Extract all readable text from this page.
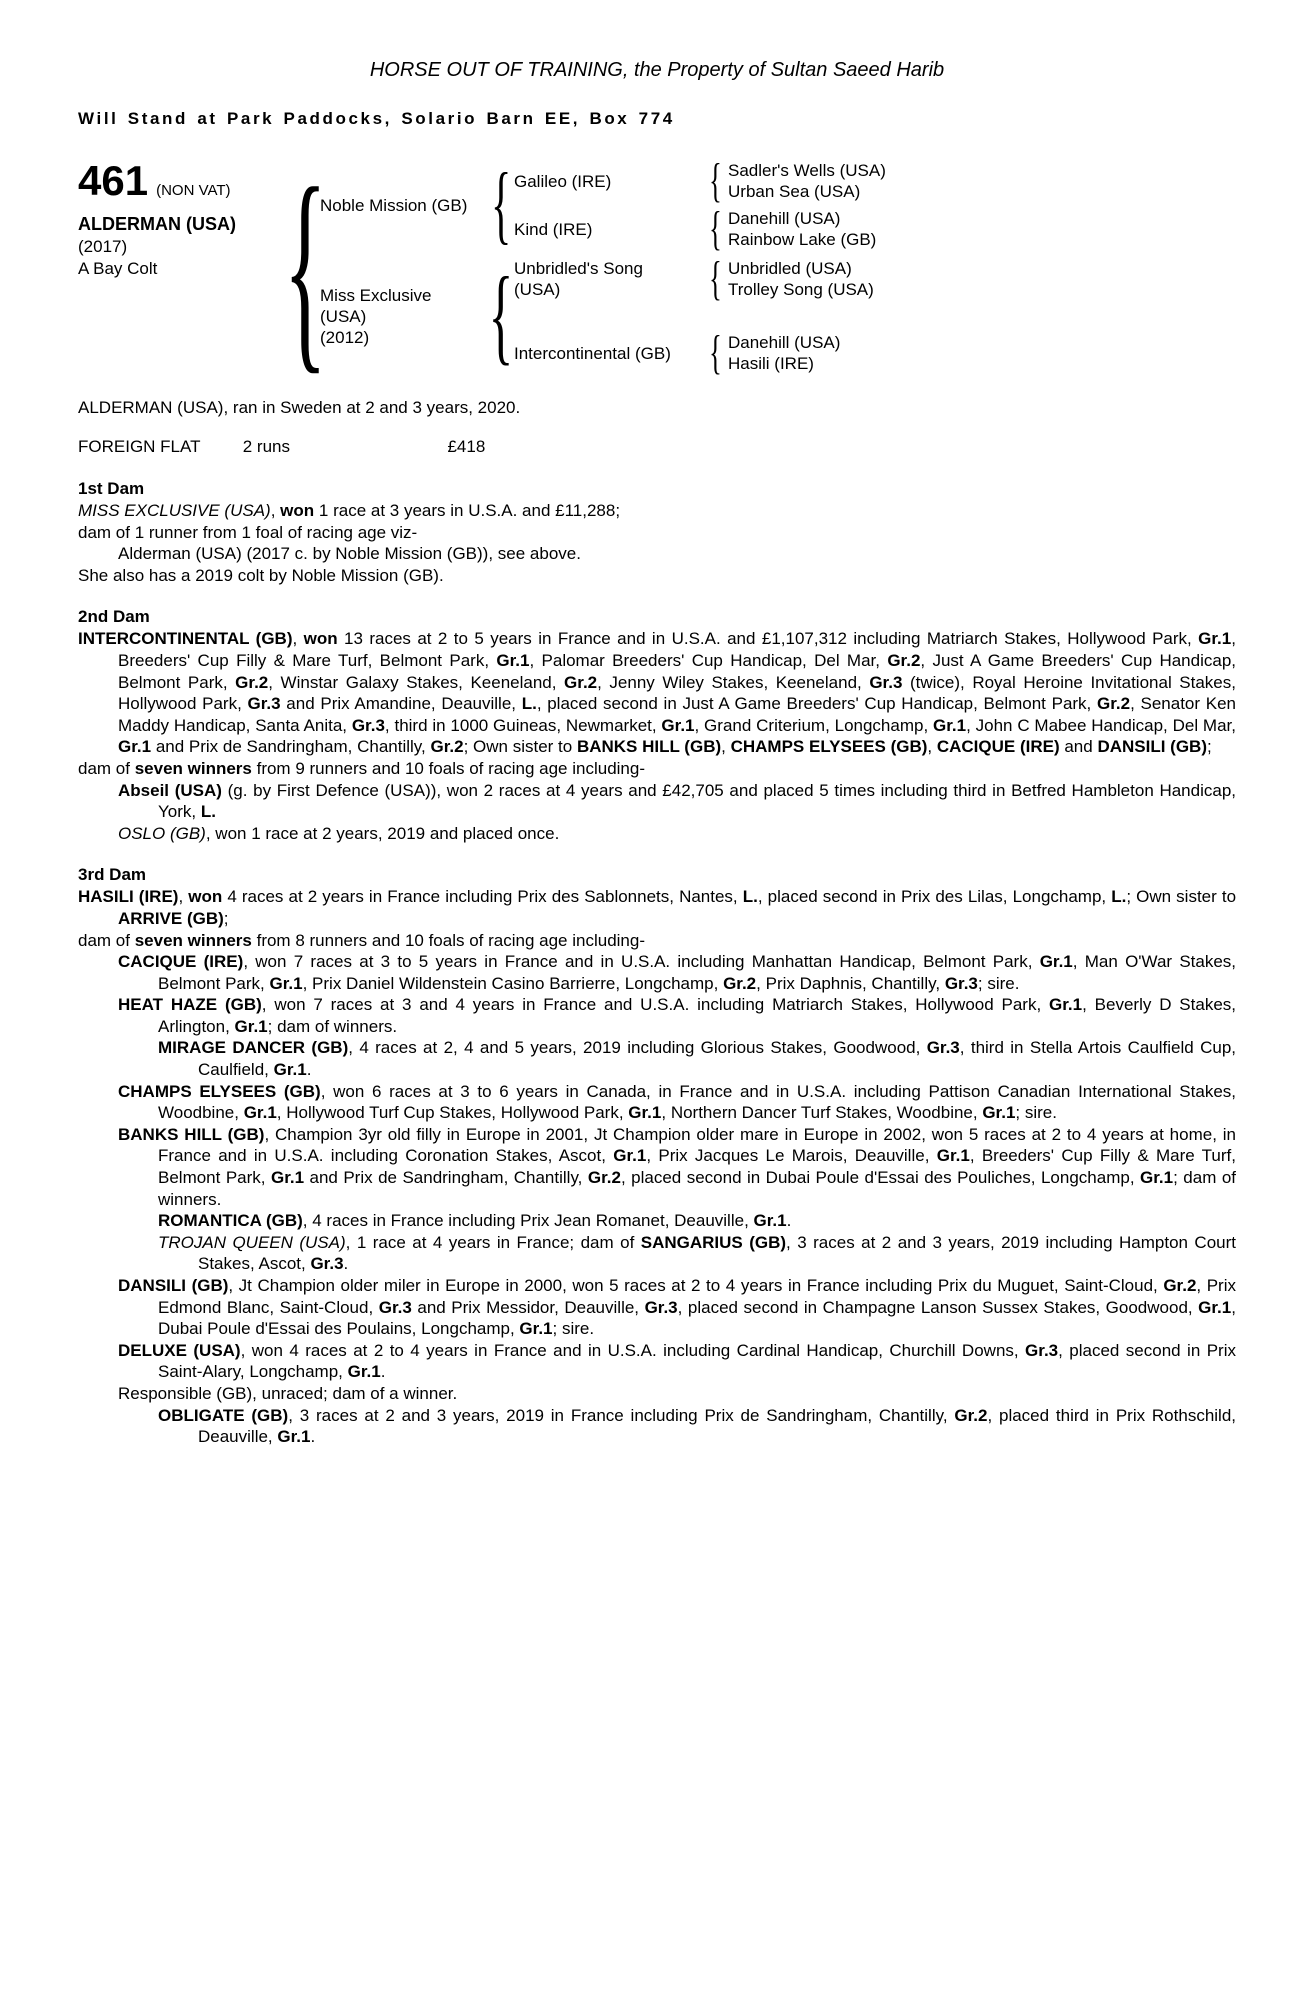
HORSE OUT OF TRAINING, the Property of Sultan Saeed Harib
Will Stand at Park Paddocks, Solario Barn EE, Box 774
461 (NON VAT)
ALDERMAN (USA)
(2017)
A Bay Colt {
Noble Mission (GB) { Galileo (IRE)	{ Sadler's Wells (USA)
Urban Sea (USA)
Kind (IRE)	{ Danehill (USA)
Rainbow Lake (GB)
Miss Exclusive
(USA)
(2012)	{ Unbridled's Song
(USA)	{ Unbridled (USA)
Trolley Song (USA)
Intercontinental (GB) { Danehill (USA)
Hasili (IRE)
ALDERMAN (USA), ran in Sweden at 2 and 3 years, 2020.
FOREIGN FLAT 2 runs	£418
1st Dam

MISS EXCLUSIVE (USA), won 1 race at 3 years in U.S.A. and £11,288;

dam of 1 runner from 1 foal of racing age viz-

Alderman (USA) (2017 c. by Noble Mission (GB)), see above.

She also has a 2019 colt by Noble Mission (GB).

2nd Dam

INTERCONTINENTAL (GB), won 13 races at 2 to 5 years in France and in U.S.A. and £1,107,312 including Matriarch Stakes, Hollywood Park, Gr.1, Breeders' Cup Filly & Mare Turf, Belmont Park, Gr.1, Palomar Breeders' Cup Handicap, Del Mar, Gr.2, Just A Game Breeders' Cup Handicap, Belmont Park, Gr.2, Winstar Galaxy Stakes, Keeneland, Gr.2, Jenny Wiley Stakes, Keeneland, Gr.3 (twice), Royal Heroine Invitational Stakes, Hollywood Park, Gr.3 and Prix Amandine, Deauville, L., placed second in Just A Game Breeders' Cup Handicap, Belmont Park, Gr.2, Senator Ken Maddy Handicap, Santa Anita, Gr.3, third in 1000 Guineas, Newmarket, Gr.1, Grand Criterium, Longchamp, Gr.1, John C Mabee Handicap, Del Mar, Gr.1 and Prix de Sandringham, Chantilly, Gr.2; Own sister to BANKS HILL (GB), CHAMPS ELYSEES (GB), CACIQUE (IRE) and DANSILI (GB);

dam of seven winners from 9 runners and 10 foals of racing age including-

Abseil (USA) (g. by First Defence (USA)), won 2 races at 4 years and £42,705 and placed 5 times including third in Betfred Hambleton Handicap, York, L.

OSLO (GB), won 1 race at 2 years, 2019 and placed once.

3rd Dam

HASILI (IRE), won 4 races at 2 years in France including Prix des Sablonnets, Nantes, L., placed second in Prix des Lilas, Longchamp, L.; Own sister to ARRIVE (GB);

dam of seven winners from 8 runners and 10 foals of racing age including-

CACIQUE (IRE), won 7 races at 3 to 5 years in France and in U.S.A. including Manhattan Handicap, Belmont Park, Gr.1, Man O'War Stakes, Belmont Park, Gr.1, Prix Daniel Wildenstein Casino Barrierre, Longchamp, Gr.2, Prix Daphnis, Chantilly, Gr.3; sire.

HEAT HAZE (GB), won 7 races at 3 and 4 years in France and U.S.A. including Matriarch Stakes, Hollywood Park, Gr.1, Beverly D Stakes, Arlington, Gr.1; dam of winners.

MIRAGE DANCER (GB), 4 races at 2, 4 and 5 years, 2019 including Glorious Stakes, Goodwood, Gr.3, third in Stella Artois Caulfield Cup, Caulfield, Gr.1.

CHAMPS ELYSEES (GB), won 6 races at 3 to 6 years in Canada, in France and in U.S.A. including Pattison Canadian International Stakes, Woodbine, Gr.1, Hollywood Turf Cup Stakes, Hollywood Park, Gr.1, Northern Dancer Turf Stakes, Woodbine, Gr.1; sire.

BANKS HILL (GB), Champion 3yr old filly in Europe in 2001, Jt Champion older mare in Europe in 2002, won 5 races at 2 to 4 years at home, in France and in U.S.A. including Coronation Stakes, Ascot, Gr.1, Prix Jacques Le Marois, Deauville, Gr.1, Breeders' Cup Filly & Mare Turf, Belmont Park, Gr.1 and Prix de Sandringham, Chantilly, Gr.2, placed second in Dubai Poule d'Essai des Pouliches, Longchamp, Gr.1; dam of winners.

ROMANTICA (GB), 4 races in France including Prix Jean Romanet, Deauville, Gr.1.

TROJAN QUEEN (USA), 1 race at 4 years in France; dam of SANGARIUS (GB), 3 races at 2 and 3 years, 2019 including Hampton Court Stakes, Ascot, Gr.3.

DANSILI (GB), Jt Champion older miler in Europe in 2000, won 5 races at 2 to 4 years in France including Prix du Muguet, Saint-Cloud, Gr.2, Prix Edmond Blanc, Saint-Cloud, Gr.3 and Prix Messidor, Deauville, Gr.3, placed second in Champagne Lanson Sussex Stakes, Goodwood, Gr.1, Dubai Poule d'Essai des Poulains, Longchamp, Gr.1; sire.

DELUXE (USA), won 4 races at 2 to 4 years in France and in U.S.A. including Cardinal Handicap, Churchill Downs, Gr.3, placed second in Prix Saint-Alary, Longchamp, Gr.1.

Responsible (GB), unraced; dam of a winner.

OBLIGATE (GB), 3 races at 2 and 3 years, 2019 in France including Prix de Sandringham, Chantilly, Gr.2, placed third in Prix Rothschild, Deauville, Gr.1.
